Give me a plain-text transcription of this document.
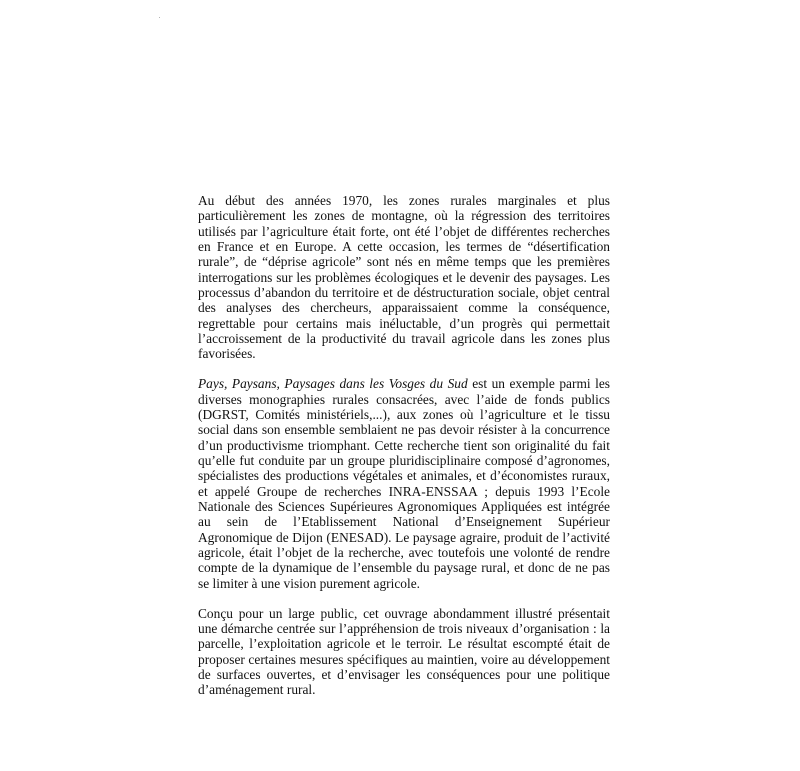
Au début des années 1970, les zones rurales marginales et plus particulièrement les zones de montagne, où la régression des territoires utilisés par l’agriculture était forte, ont été l’objet de différentes recherches en France et en Europe. A cette occasion, les termes de “désertification rurale”, de “déprise agricole” sont nés en même temps que les premières interrogations sur les problèmes écologiques et le devenir des paysages. Les processus d’abandon du territoire et de déstructuration sociale, objet central des analyses des chercheurs, apparaissaient comme la conséquence, regrettable pour certains mais inéluctable, d’un progrès qui permettait l’accroissement de la productivité du travail agricole dans les zones plus favorisées.

Pays, Paysans, Paysages dans les Vosges du Sud est un exemple parmi les diverses monographies rurales consacrées, avec l’aide de fonds publics (DGRST, Comités ministériels,...), aux zones où l’agriculture et le tissu social dans son ensemble semblaient ne pas devoir résister à la concurrence d’un productivisme triomphant. Cette recherche tient son originalité du fait qu’elle fut conduite par un groupe pluridisciplinaire composé d’agronomes, spécialistes des productions végétales et animales, et d’économistes ruraux, et appelé Groupe de recherches INRA-ENSSAA ; depuis 1993 l’Ecole Nationale des Sciences Supérieures Agronomiques Appliquées est intégrée au sein de l’Etablissement National d’Enseignement Supérieur Agronomique de Dijon (ENESAD). Le paysage agraire, produit de l’activité agricole, était l’objet de la recherche, avec toutefois une volonté de rendre compte de la dynamique de l’ensemble du paysage rural, et donc de ne pas se limiter à une vision purement agricole.

Conçu pour un large public, cet ouvrage abondamment illustré présentait une démarche centrée sur l’appréhension de trois niveaux d’organisation : la parcelle, l’exploitation agricole et le terroir. Le résultat escompté était de proposer certaines mesures spécifiques au maintien, voire au développement de surfaces ouvertes, et d’envisager les conséquences pour une politique d’aménagement rural.
